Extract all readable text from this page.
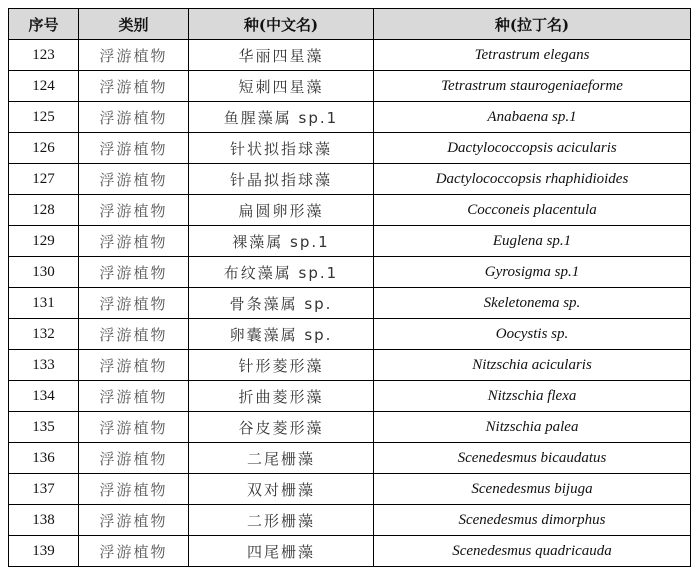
序号	类别	种(中文名)	种(拉丁名)
123	浮游植物	华丽四星藻	Tetrastrum elegans
124	浮游植物	短刺四星藻	Tetrastrum staurogeniaeforme
125	浮游植物	鱼腥藻属 sp.1	Anabaena sp.1
126	浮游植物	针状拟指球藻	Dactylococcopsis acicularis
127	浮游植物	针晶拟指球藻	Dactylococcopsis rhaphidioides
128	浮游植物	扁圆卵形藻	Cocconeis placentula
129	浮游植物	裸藻属 sp.1	Euglena sp.1
130	浮游植物	布纹藻属 sp.1	Gyrosigma sp.1
131	浮游植物	骨条藻属 sp.	Skeletonema sp.
132	浮游植物	卵囊藻属 sp.	Oocystis sp.
133	浮游植物	针形菱形藻	Nitzschia acicularis
134	浮游植物	折曲菱形藻	Nitzschia flexa
135	浮游植物	谷皮菱形藻	Nitzschia palea
136	浮游植物	二尾栅藻	Scenedesmus bicaudatus
137	浮游植物	双对栅藻	Scenedesmus bijuga
138	浮游植物	二形栅藻	Scenedesmus dimorphus
139	浮游植物	四尾栅藻	Scenedesmus quadricauda
